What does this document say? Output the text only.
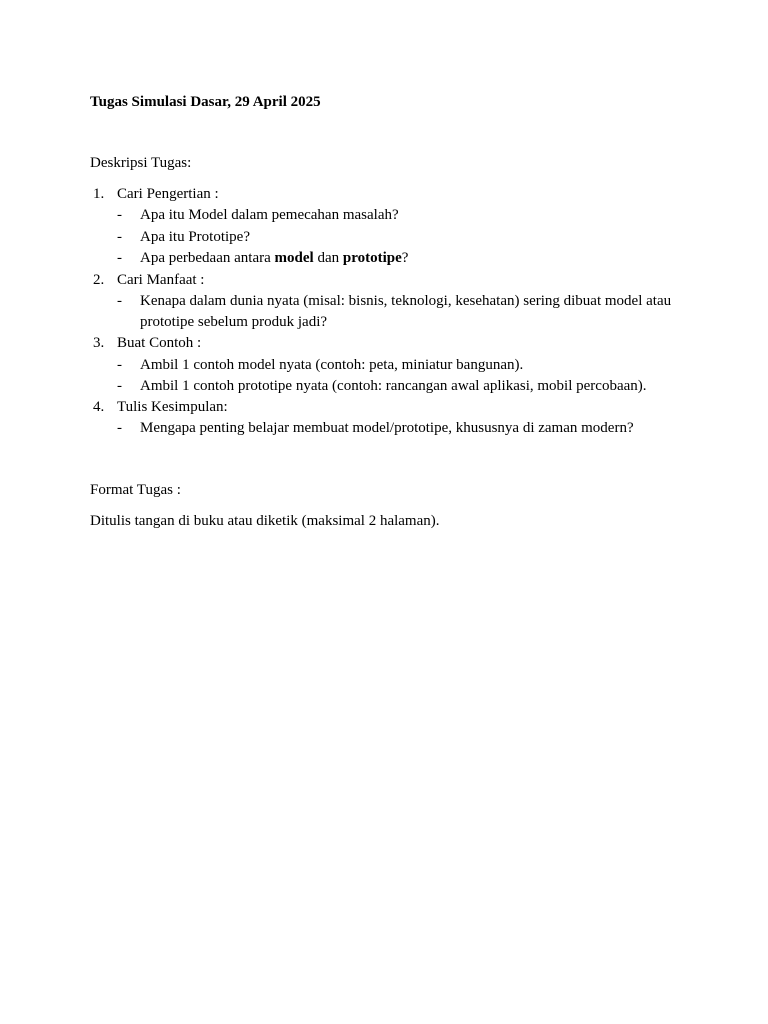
Tugas Simulasi Dasar, 29 April 2025
Deskripsi Tugas:
1. Cari Pengertian :
- Apa itu Model dalam pemecahan masalah?
- Apa itu Prototipe?
- Apa perbedaan antara model dan prototipe?
2. Cari Manfaat :
- Kenapa dalam dunia nyata (misal: bisnis, teknologi, kesehatan) sering dibuat model atau prototipe sebelum produk jadi?
3. Buat Contoh :
- Ambil 1 contoh model nyata (contoh: peta, miniatur bangunan).
- Ambil 1 contoh prototipe nyata (contoh: rancangan awal aplikasi, mobil percobaan).
4. Tulis Kesimpulan:
- Mengapa penting belajar membuat model/prototipe, khususnya di zaman modern?
Format Tugas :
Ditulis tangan di buku atau diketik (maksimal 2 halaman).
